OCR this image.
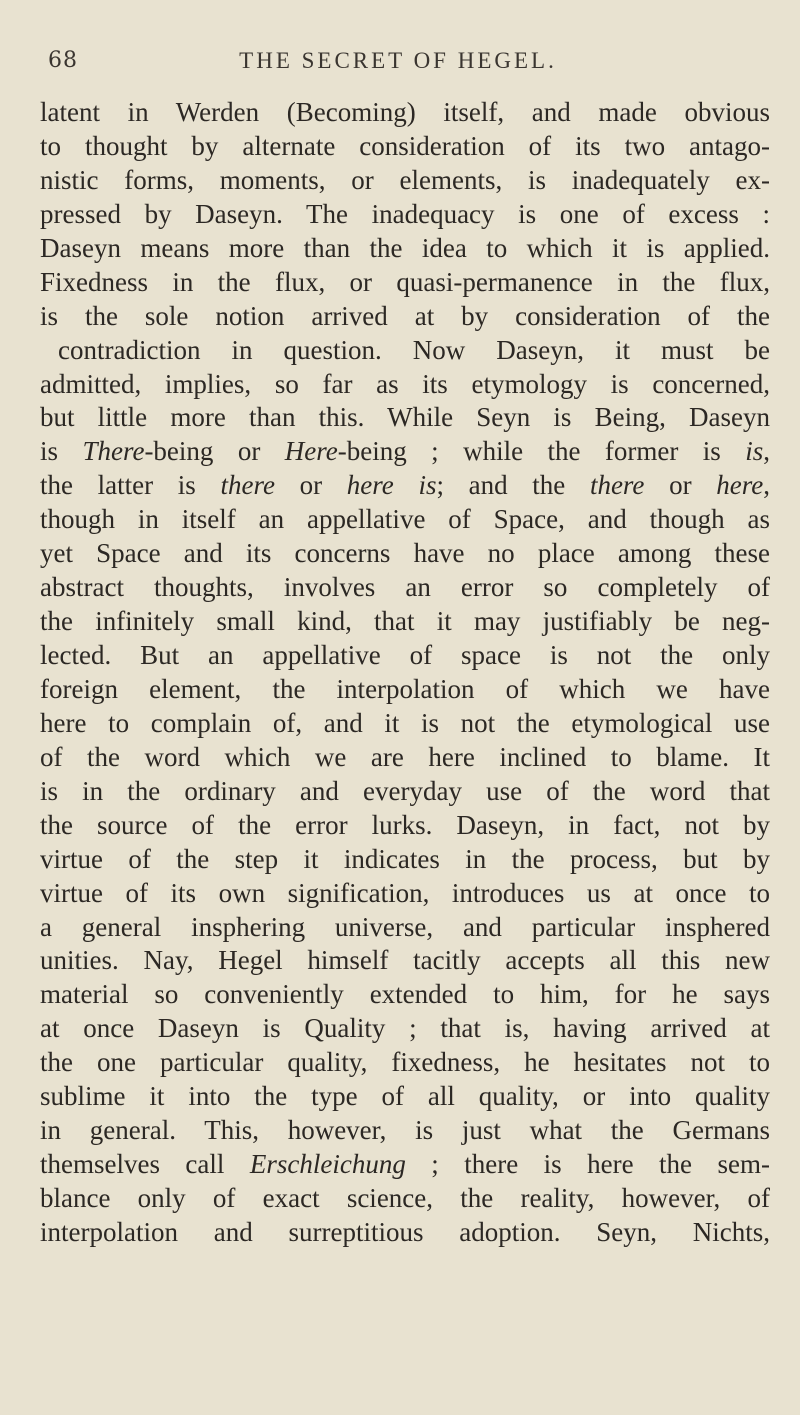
68	THE SECRET OF HEGEL.
latent in Werden (Becoming) itself, and made obvious
to thought by alternate consideration of its two antago-
nistic forms, moments, or elements, is inadequately ex-
pressed by Daseyn. The inadequacy is one of excess :
Daseyn means more than the idea to which it is applied.
Fixedness in the flux, or quasi-permanence in the flux,
is the sole notion arrived at by consideration of the
contradiction in question. Now Daseyn, it must be
admitted, implies, so far as its etymology is concerned,
but little more than this. While Seyn is Being, Daseyn
is There-being or Here-being ; while the former is is,
the latter is there or here is; and the there or here,
though in itself an appellative of Space, and though as
yet Space and its concerns have no place among these
abstract thoughts, involves an error so completely of
the infinitely small kind, that it may justifiably be neg-
lected. But an appellative of space is not the only
foreign element, the interpolation of which we have
here to complain of, and it is not the etymological use
of the word which we are here inclined to blame. It
is in the ordinary and everyday use of the word that
the source of the error lurks. Daseyn, in fact, not by
virtue of the step it indicates in the process, but by
virtue of its own signification, introduces us at once to
a general insphering universe, and particular insphered
unities. Nay, Hegel himself tacitly accepts all this new
material so conveniently extended to him, for he says
at once Daseyn is Quality ; that is, having arrived at
the one particular quality, fixedness, he hesitates not to
sublime it into the type of all quality, or into quality
in general. This, however, is just what the Germans
themselves call Erschleichung ; there is here the sem-
blance only of exact science, the reality, however, of
interpolation and surreptitious adoption. Seyn, Nichts,
